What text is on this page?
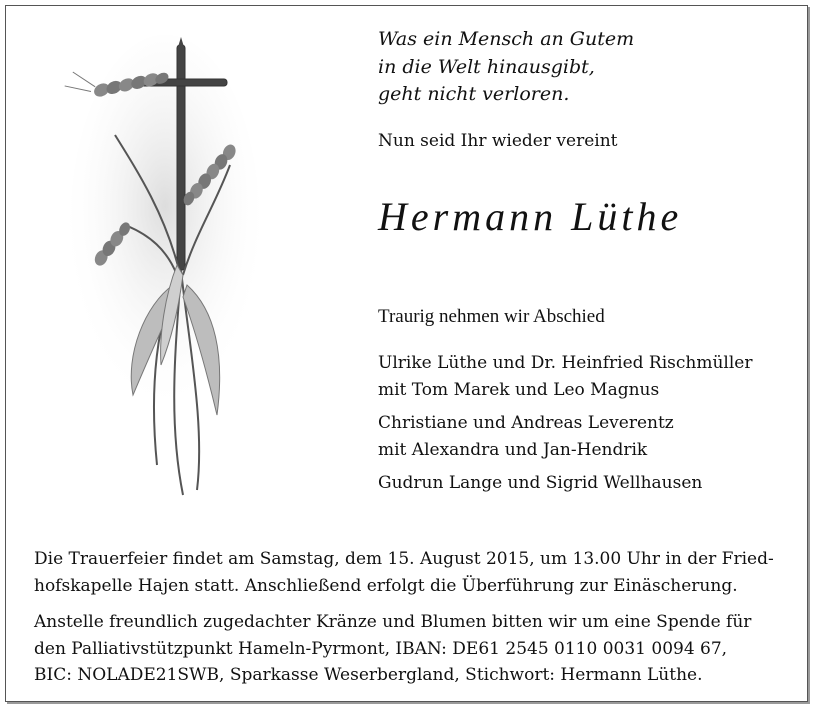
Was ein Mensch an Gutem
in die Welt hinausgibt,
geht nicht verloren.
Nun seid Ihr wieder vereint
Hermann Lüthe
Traurig nehmen wir Abschied
Ulrike Lüthe und Dr. Heinfried Rischmüller
mit Tom Marek und Leo Magnus
Christiane und Andreas Leverentz
mit Alexandra und Jan-Hendrik
Gudrun Lange und Sigrid Wellhausen
Die Trauerfeier findet am Samstag, dem 15. August 2015, um 13.00 Uhr in der Fried-
hofskapelle Hajen statt. Anschließend erfolgt die Überführung zur Einäscherung.
Anstelle freundlich zugedachter Kränze und Blumen bitten wir um eine Spende für
den Palliativstützpunkt Hameln-Pyrmont, IBAN: DE61 2545 0110 0031 0094 67,
BIC: NOLADE21SWB, Sparkasse Weserbergland, Stichwort: Hermann Lüthe.
